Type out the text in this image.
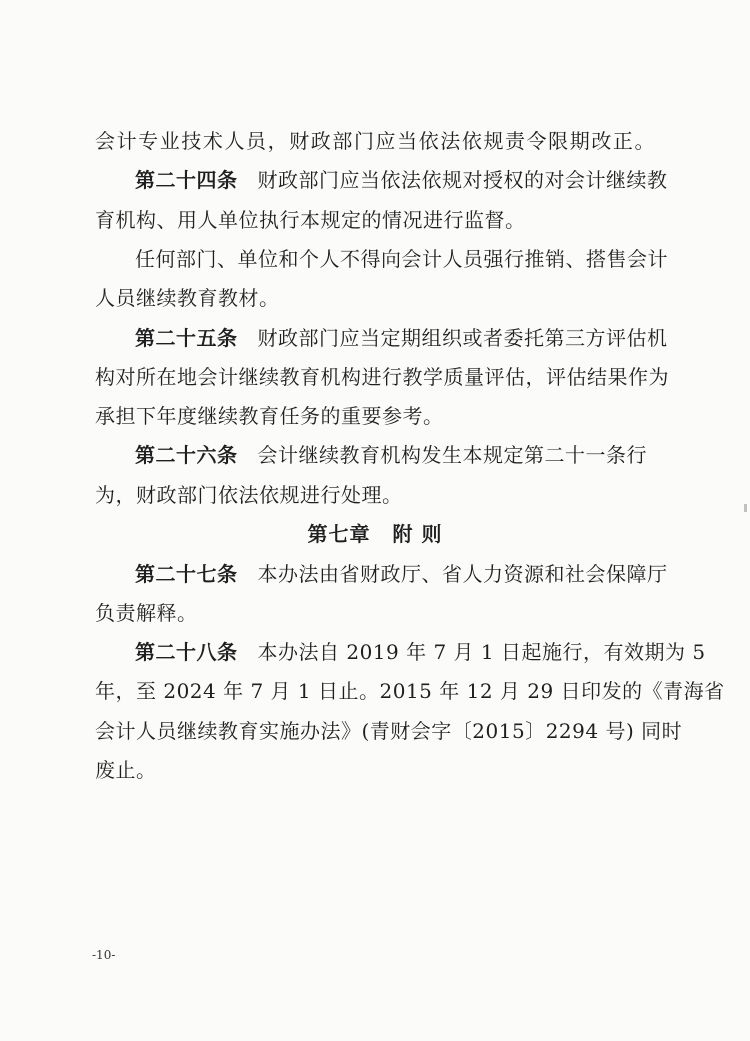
会计专业技术人员，财政部门应当依法依规责令限期改正。
第二十四条 财政部门应当依法依规对授权的对会计继续教
育机构、用人单位执行本规定的情况进行监督。
任何部门、单位和个人不得向会计人员强行推销、搭售会计
人员继续教育教材。
第二十五条 财政部门应当定期组织或者委托第三方评估机
构对所在地会计继续教育机构进行教学质量评估，评估结果作为
承担下年度继续教育任务的重要参考。
第二十六条 会计继续教育机构发生本规定第二十一条行
为，财政部门依法依规进行处理。
第七章 附 则
第二十七条 本办法由省财政厅、省人力资源和社会保障厅
负责解释。
第二十八条 本办法自 2019 年 7 月 1 日起施行，有效期为 5
年，至 2024 年 7 月 1 日止。2015 年 12 月 29 日印发的《青海省
会计人员继续教育实施办法》(青财会字〔2015〕2294 号) 同时
废止。
-10-
